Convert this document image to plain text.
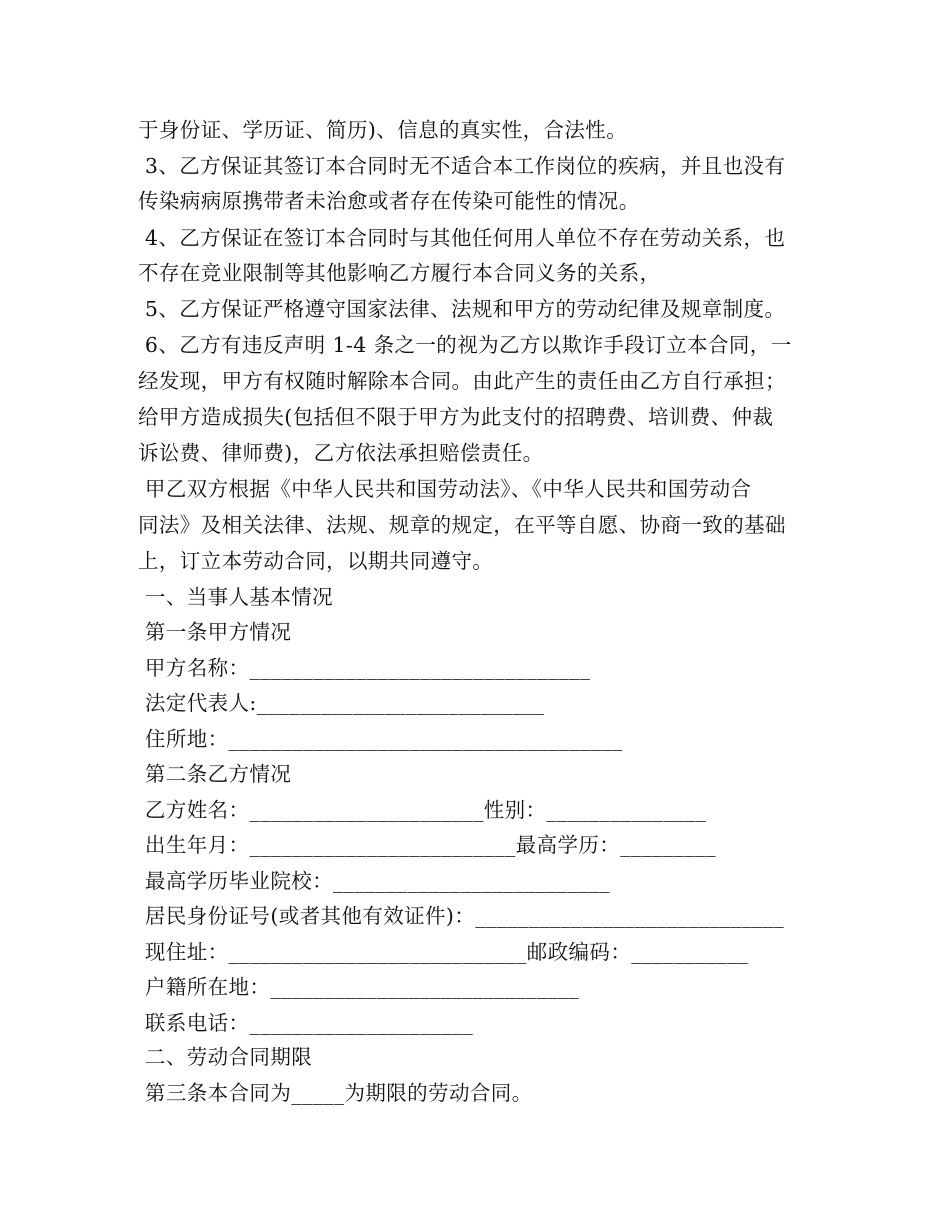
于身份证、学历证、简历)、信息的真实性，合法性。
3、乙方保证其签订本合同时无不适合本工作岗位的疾病，并且也没有
传染病病原携带者未治愈或者存在传染可能性的情况。
4、乙方保证在签订本合同时与其他任何用人单位不存在劳动关系，也
不存在竞业限制等其他影响乙方履行本合同义务的关系，
5、乙方保证严格遵守国家法律、法规和甲方的劳动纪律及规章制度。
6、乙方有违反声明 1-4 条之一的视为乙方以欺诈手段订立本合同，一
经发现，甲方有权随时解除本合同。由此产生的责任由乙方自行承担；
给甲方造成损失(包括但不限于甲方为此支付的招聘费、培训费、仲裁
诉讼费、律师费)，乙方依法承担赔偿责任。
甲乙双方根据《中华人民共和国劳动法》、《中华人民共和国劳动合
同法》及相关法律、法规、规章的规定，在平等自愿、协商一致的基础
上，订立本劳动合同，以期共同遵守。
一、当事人基本情况
第一条甲方情况
甲方名称：________________________________
法定代表人:___________________________
住所地：_____________________________________
第二条乙方情况
乙方姓名：______________________性别：_______________
出生年月：_________________________最高学历：_________
最高学历毕业院校：__________________________
居民身份证号(或者其他有效证件)：_____________________________
现住址：____________________________邮政编码：___________
户籍所在地：_____________________________
联系电话：_____________________
二、劳动合同期限
第三条本合同为_____为期限的劳动合同。
